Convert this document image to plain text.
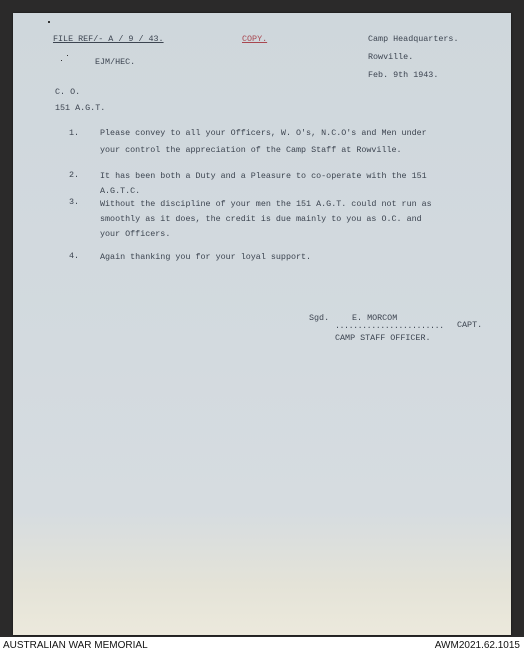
FILE REF/- A / 9 / 43.	COPY.	Camp Headquarters.
EJM/HEC.	Rowville.
Feb. 9th 1943.
C. O.
151 A.G.T.
1. Please convey to all your Officers, W. O's, N.C.O's and Men under
your control the appreciation of the Camp Staff at Rowville.
2. It has been both a Duty and a Pleasure to co-operate with the 151
A.G.T.C.
3. Without the discipline of your men the 151 A.G.T. could not run as
smoothly as it does, the credit is due mainly to you as O.C. and
your Officers.
4. Again thanking you for your loyal support.
Sgd.	E. MORCOM
........................ CAPT.
CAMP STAFF OFFICER.
AUSTRALIAN WAR MEMORIAL	AWM2021.62.1015
